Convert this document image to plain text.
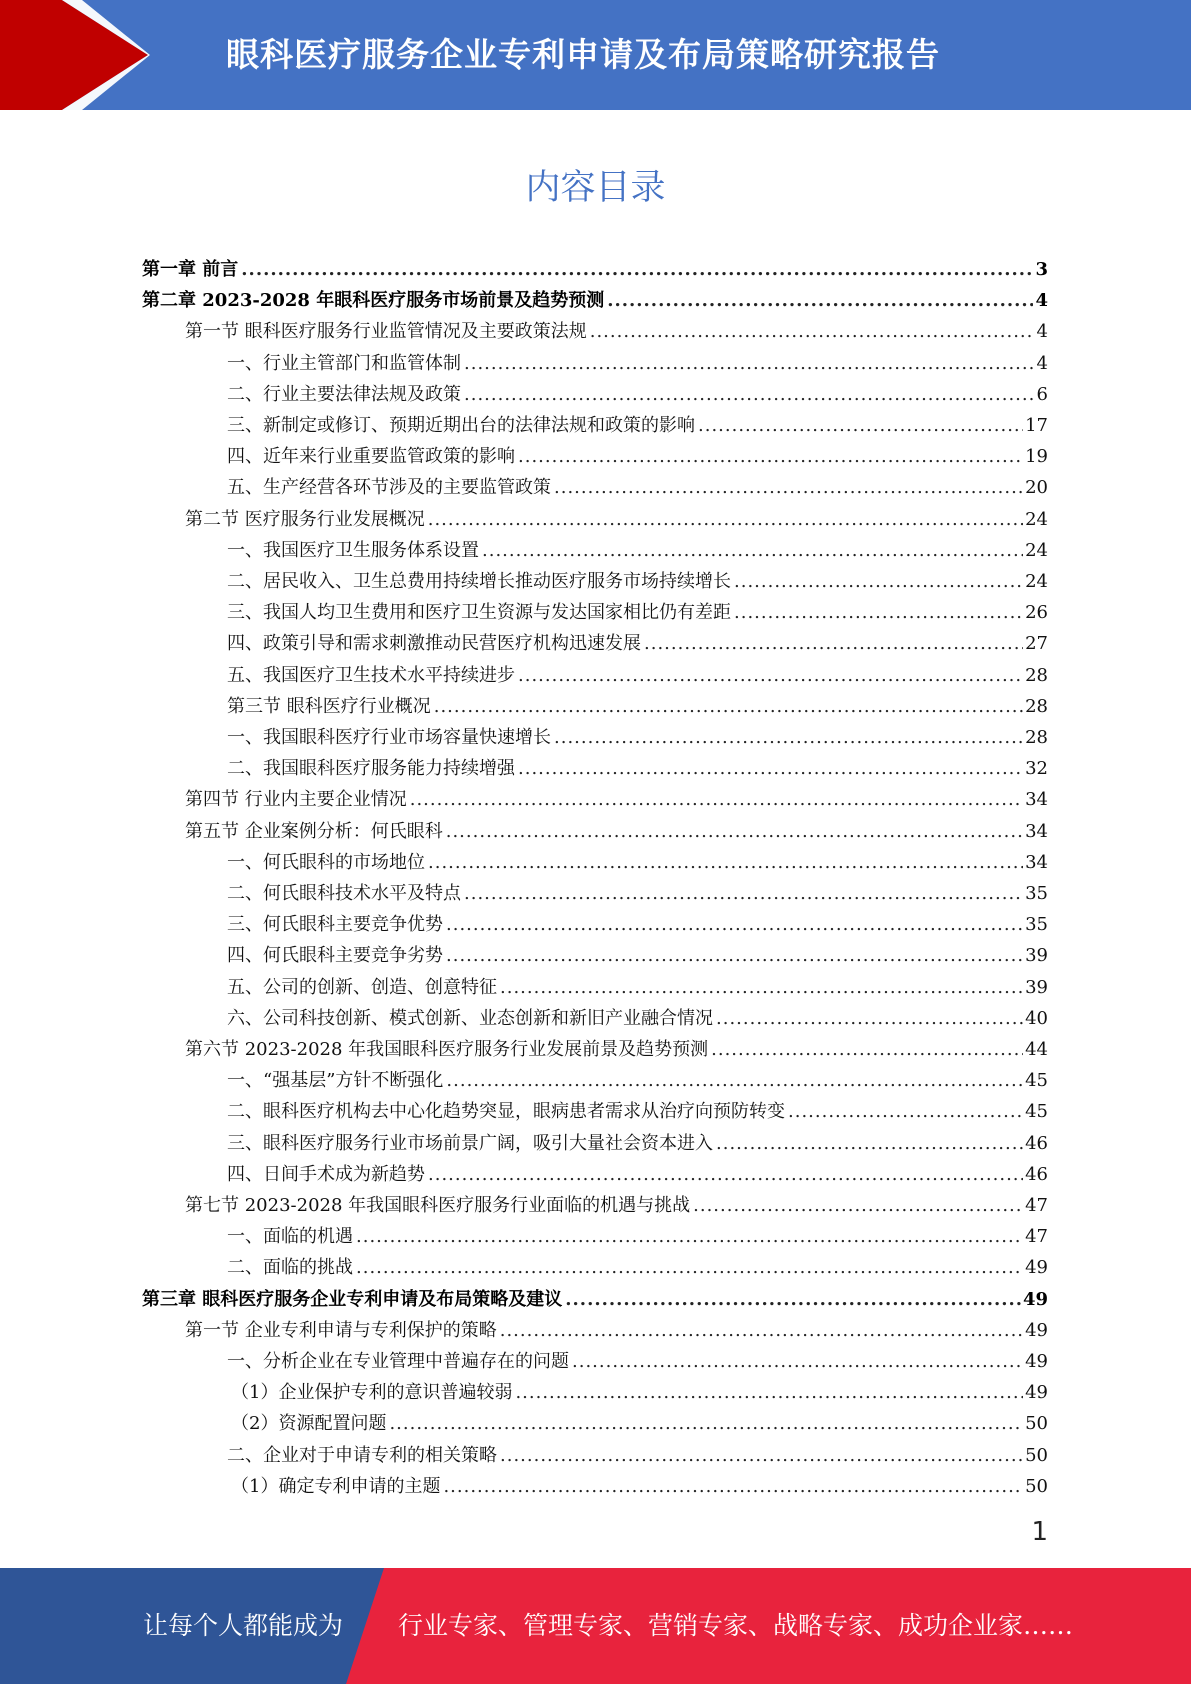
眼科医疗服务企业专利申请及布局策略研究报告
内容目录
第一章 前言 .....	3
第二章 2023-2028 年眼科医疗服务市场前景及趋势预测 .....	4
第一节 眼科医疗服务行业监管情况及主要政策法规 .....	4
一、行业主管部门和监管体制 .....	4
二、行业主要法律法规及政策 .....	6
三、新制定或修订、预期近期出台的法律法规和政策的影响 .....	17
四、近年来行业重要监管政策的影响 .....	19
五、生产经营各环节涉及的主要监管政策 .....	20
第二节 医疗服务行业发展概况 .....	24
一、我国医疗卫生服务体系设置 .....	24
二、居民收入、卫生总费用持续增长推动医疗服务市场持续增长 .....	24
三、我国人均卫生费用和医疗卫生资源与发达国家相比仍有差距 .....	26
四、政策引导和需求刺激推动民营医疗机构迅速发展 .....	27
五、我国医疗卫生技术水平持续进步 .....	28
第三节 眼科医疗行业概况 .....	28
一、我国眼科医疗行业市场容量快速增长 .....	28
二、我国眼科医疗服务能力持续增强 .....	32
第四节 行业内主要企业情况 .....	34
第五节 企业案例分析：何氏眼科 .....	34
一、何氏眼科的市场地位 .....	34
二、何氏眼科技术水平及特点 .....	35
三、何氏眼科主要竞争优势 .....	35
四、何氏眼科主要竞争劣势 .....	39
五、公司的创新、创造、创意特征 .....	39
六、公司科技创新、模式创新、业态创新和新旧产业融合情况 .....	40
第六节 2023-2028 年我国眼科医疗服务行业发展前景及趋势预测 .....	44
一、“强基层”方针不断强化 .....	45
二、眼科医疗机构去中心化趋势突显，眼病患者需求从治疗向预防转变 .....	45
三、眼科医疗服务行业市场前景广阔，吸引大量社会资本进入 .....	46
四、日间手术成为新趋势 .....	46
第七节 2023-2028 年我国眼科医疗服务行业面临的机遇与挑战 .....	47
一、面临的机遇 .....	47
二、面临的挑战 .....	49
第三章 眼科医疗服务企业专利申请及布局策略及建议 .....	49
第一节 企业专利申请与专利保护的策略 .....	49
一、分析企业在专业管理中普遍存在的问题 .....	49
（1）企业保护专利的意识普遍较弱 .....	49
（2）资源配置问题 .....	50
二、企业对于申请专利的相关策略 .....	50
（1）确定专利申请的主题 .....	50
1
让每个人都能成为 行业专家、管理专家、营销专家、战略专家、成功企业家……
